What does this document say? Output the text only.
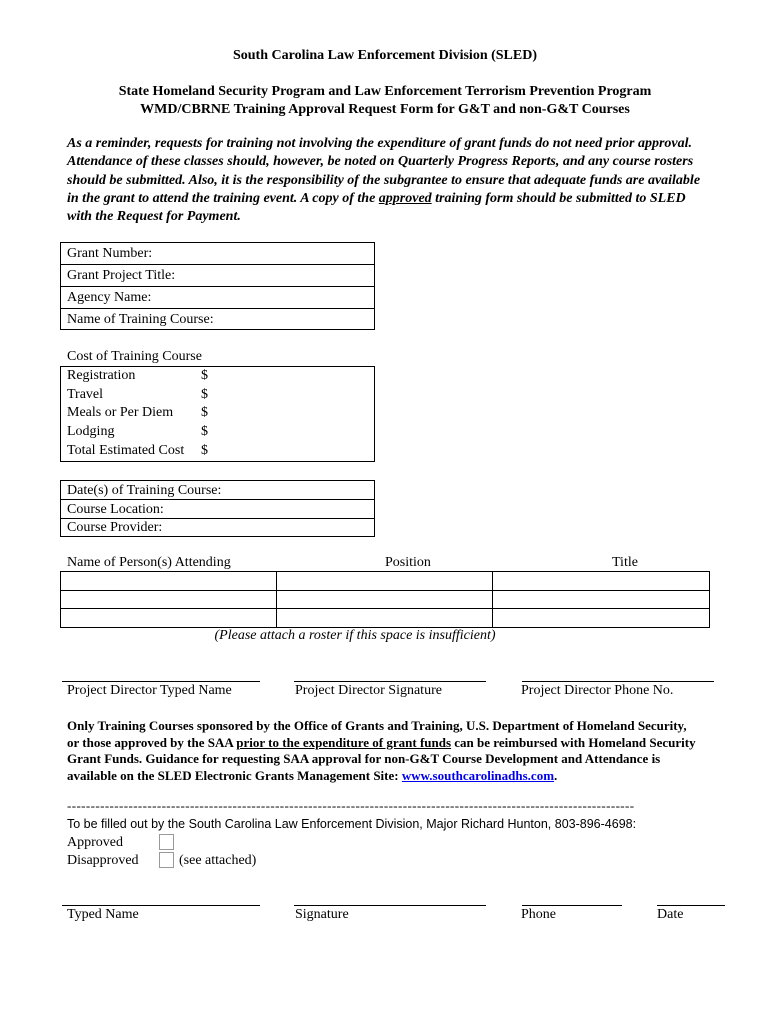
South Carolina Law Enforcement Division (SLED)
State Homeland Security Program and Law Enforcement Terrorism Prevention Program
WMD/CBRNE Training Approval Request Form for G&T and non-G&T Courses
As a reminder, requests for training not involving the expenditure of grant funds do not need prior approval. Attendance of these classes should, however, be noted on Quarterly Progress Reports, and any course rosters should be submitted. Also, it is the responsibility of the subgrantee to ensure that adequate funds are available in the grant to attend the training event. A copy of the approved training form should be submitted to SLED with the Request for Payment.
Grant Number:
Grant Project Title:
Agency Name:
Name of Training Course:
Cost of Training Course
Registration	$
Travel	$
Meals or Per Diem $
Lodging	$
Total Estimated Cost $
Date(s) of Training Course:
Course Location:
Course Provider:
Name of Person(s) Attending	Position	Title
(Please attach a roster if this space is insufficient)
Project Director Typed Name	Project Director Signature	Project Director Phone No.
Only Training Courses sponsored by the Office of Grants and Training, U.S. Department of Homeland Security, or those approved by the SAA prior to the expenditure of grant funds can be reimbursed with Homeland Security Grant Funds. Guidance for requesting SAA approval for non-G&T Course Development and Attendance is available on the SLED Electronic Grants Management Site: www.southcarolinadhs.com.
------------------------------------------------------------------------------------------------------------------------
To be filled out by the South Carolina Law Enforcement Division, Major Richard Hunton, 803-896-4698:
Approved
Disapproved	(see attached)
Typed Name	Signature	Phone	Date
